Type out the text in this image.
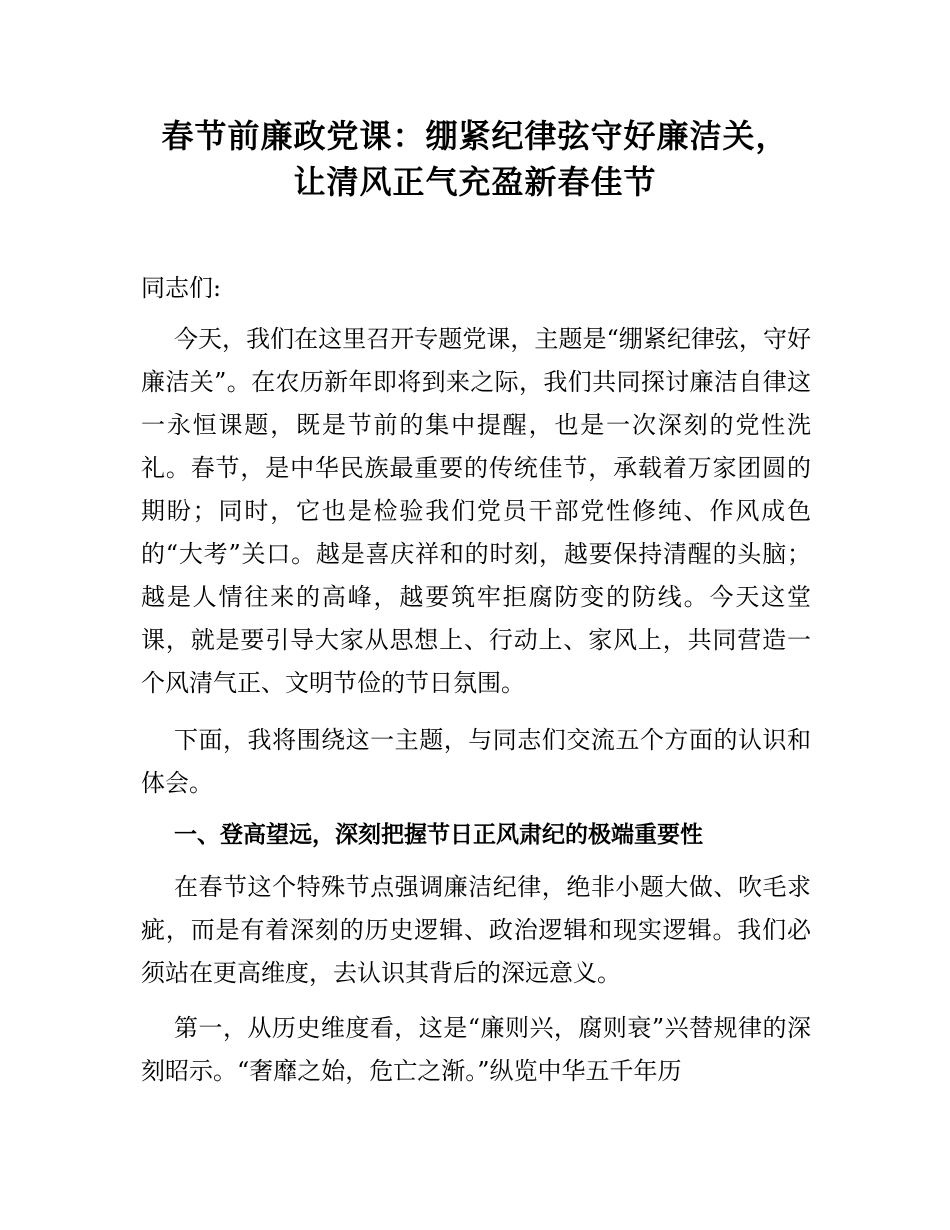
春节前廉政党课：绷紧纪律弦守好廉洁关，
让清风正气充盈新春佳节
同志们:
今天，我们在这里召开专题党课，主题是“绷紧纪律弦，守好廉洁关”。在农历新年即将到来之际，我们共同探讨廉洁自律这一永恒课题，既是节前的集中提醒，也是一次深刻的党性洗礼。春节，是中华民族最重要的传统佳节，承载着万家团圆的期盼；同时，它也是检验我们党员干部党性修纯、作风成色的“大考”关口。越是喜庆祥和的时刻，越要保持清醒的头脑；越是人情往来的高峰，越要筑牢拒腐防变的防线。今天这堂课，就是要引导大家从思想上、行动上、家风上，共同营造一个风清气正、文明节俭的节日氛围。
下面，我将围绕这一主题，与同志们交流五个方面的认识和体会。
一、登高望远，深刻把握节日正风肃纪的极端重要性
在春节这个特殊节点强调廉洁纪律，绝非小题大做、吹毛求疵，而是有着深刻的历史逻辑、政治逻辑和现实逻辑。我们必须站在更高维度，去认识其背后的深远意义。
第一，从历史维度看，这是“廉则兴，腐则衰”兴替规律的深刻昭示。“奢靡之始，危亡之渐。”纵览中华五千年历
